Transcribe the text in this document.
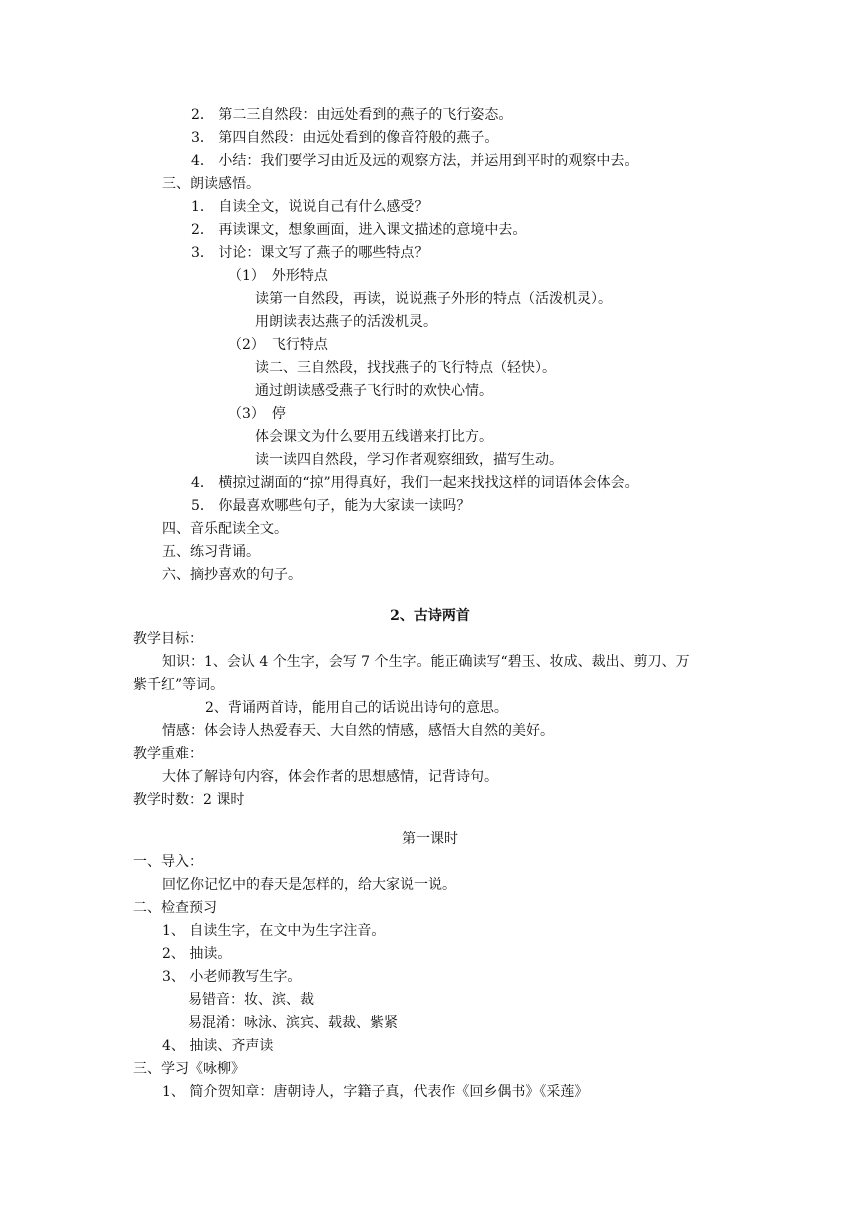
2． 第二三自然段：由远处看到的燕子的飞行姿态。
3． 第四自然段：由远处看到的像音符般的燕子。
4． 小结：我们要学习由近及远的观察方法，并运用到平时的观察中去。
三、朗读感悟。
1． 自读全文，说说自己有什么感受？
2． 再读课文，想象画面，进入课文描述的意境中去。
3． 讨论：课文写了燕子的哪些特点？
（1）　外形特点
读第一自然段，再读，说说燕子外形的特点（活泼机灵）。
用朗读表达燕子的活泼机灵。
（2）　飞行特点
读二、三自然段，找找燕子的飞行特点（轻快）。
通过朗读感受燕子飞行时的欢快心情。
（3）　停
体会课文为什么要用五线谱来打比方。
读一读四自然段，学习作者观察细致，描写生动。
4． 横掠过湖面的“掠”用得真好，我们一起来找找这样的词语体会体会。
5． 你最喜欢哪些句子，能为大家读一读吗？
四、音乐配读全文。
五、练习背诵。
六、摘抄喜欢的句子。
2、古诗两首
教学目标：
知识：1、会认 4 个生字，会写 7 个生字。能正确读写“碧玉、妆成、裁出、剪刀、万
紫千红”等词。
2、背诵两首诗，能用自己的话说出诗句的意思。
情感：体会诗人热爱春天、大自然的情感，感悟大自然的美好。
教学重难：
大体了解诗句内容，体会作者的思想感情，记背诗句。
教学时数：2 课时
第一课时
一、导入：
回忆你记忆中的春天是怎样的，给大家说一说。
二、检查预习
1、 自读生字，在文中为生字注音。
2、 抽读。
3、 小老师教写生字。
易错音：妆、滨、裁
易混淆：咏泳、滨宾、载裁、紫紧
4、 抽读、齐声读
三、学习《咏柳》
1、 简介贺知章：唐朝诗人，字籍子真，代表作《回乡偶书》《采莲》
